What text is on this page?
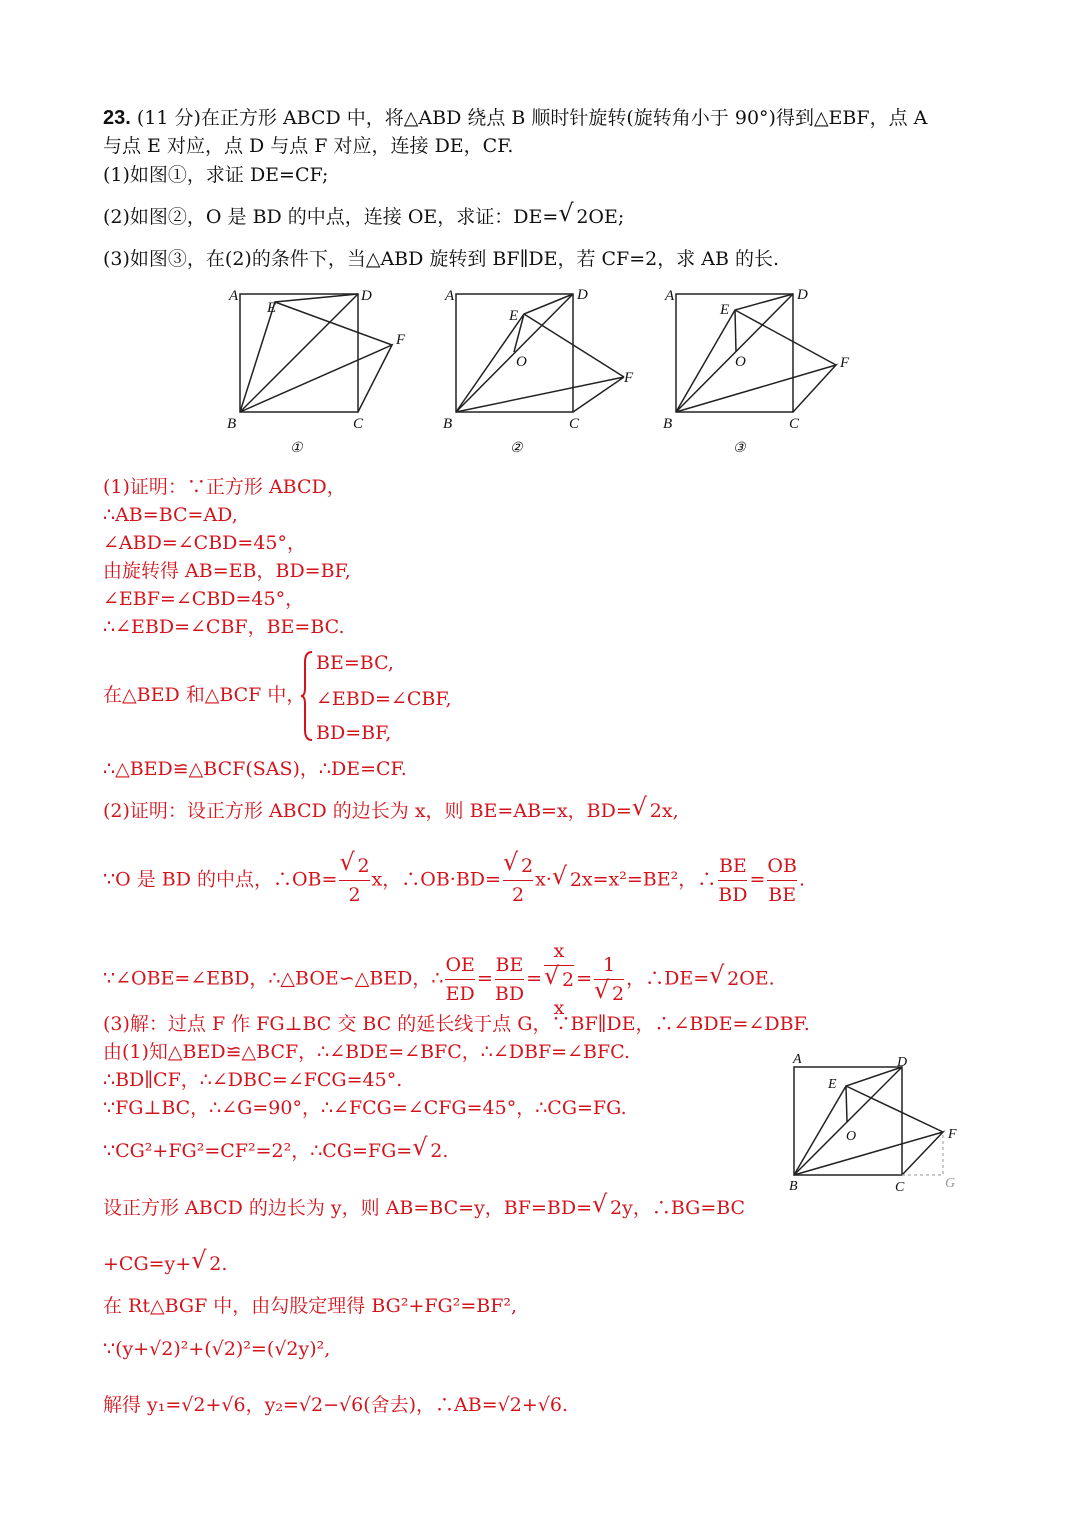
23. (11 分)在正方形 ABCD 中，将△ABD 绕点 B 顺时针旋转(旋转角小于 90°)得到△EBF，点 A
与点 E 对应，点 D 与点 F 对应，连接 DE，CF.
(1)如图①，求证 DE=CF;
(2)如图②，O 是 BD 的中点，连接 OE，求证：DE=√ 2OE;
(3)如图③，在(2)的条件下，当△ABD 旋转到 BF∥DE，若 CF=2，求 AB 的长.
A
E
D
F
B	C
①
A
E
D
F
O
B	C
②
A
E
D
F
O
B	C
③
(1)证明：∵正方形 ABCD，
∴AB=BC=AD,
∠ABD=∠CBD=45°，
由旋转得 AB=EB，BD=BF,
∠EBF=∠CBD=45°，
∴∠EBD=∠CBF，BE=BC.
在△BED 和△BCF 中，
BE=BC,
∠EBD=∠CBF,
BD=BF,
∴△BED≌△BCF(SAS)，∴DE=CF.
(2)证明：设正方形 ABCD 的边长为 x，则 BE=AB=x，BD=√ 2x,
∵O 是 BD 的中点，∴OB=
√ $\frac{2}{2}$ x，∴OB·BD=
√ $\frac{2}{2} x\cdot√$ 2x=x²=BE²，∴ $\frac{BE}{BD} = \frac{OB}{BE}$ .
∵∠OBE=∠EBD，∴△BOE∽△BED，∴ $\frac{OE}{ED} = \frac{BE}{BD} = x$
√ 2
x = 1
√ 2 ，∴DE=√ 2OE.
(3)解：过点 F 作 FG⊥BC 交 BC 的延长线于点 G，∵BF∥DE，∴∠BDE=∠DBF.
由(1)知△BED≌△BCF，∴∠BDE=∠BFC，∴∠DBF=∠BFC.
∴BD∥CF，∴∠DBC=∠FCG=45°.
∵FG⊥BC，∴∠G=90°，∴∠FCG=∠CFG=45°，∴CG=FG.
∵CG²+FG²=CF²=2²，∴CG=FG=√ 2.
设正方形 ABCD 的边长为 y，则 AB=BC=y，BF=BD=√ 2y，∴BG=BC
+CG=y+√ 2.
在 Rt△BGF 中，由勾股定理得 BG²+FG²=BF²,
∵(y+√2)²+(√2)²=(√2y)²,
解得 y₁=√2+√6，y₂=√2−√6(舍去)，∴AB=√2+√6.
A
E
D
F
O
B	C	G
